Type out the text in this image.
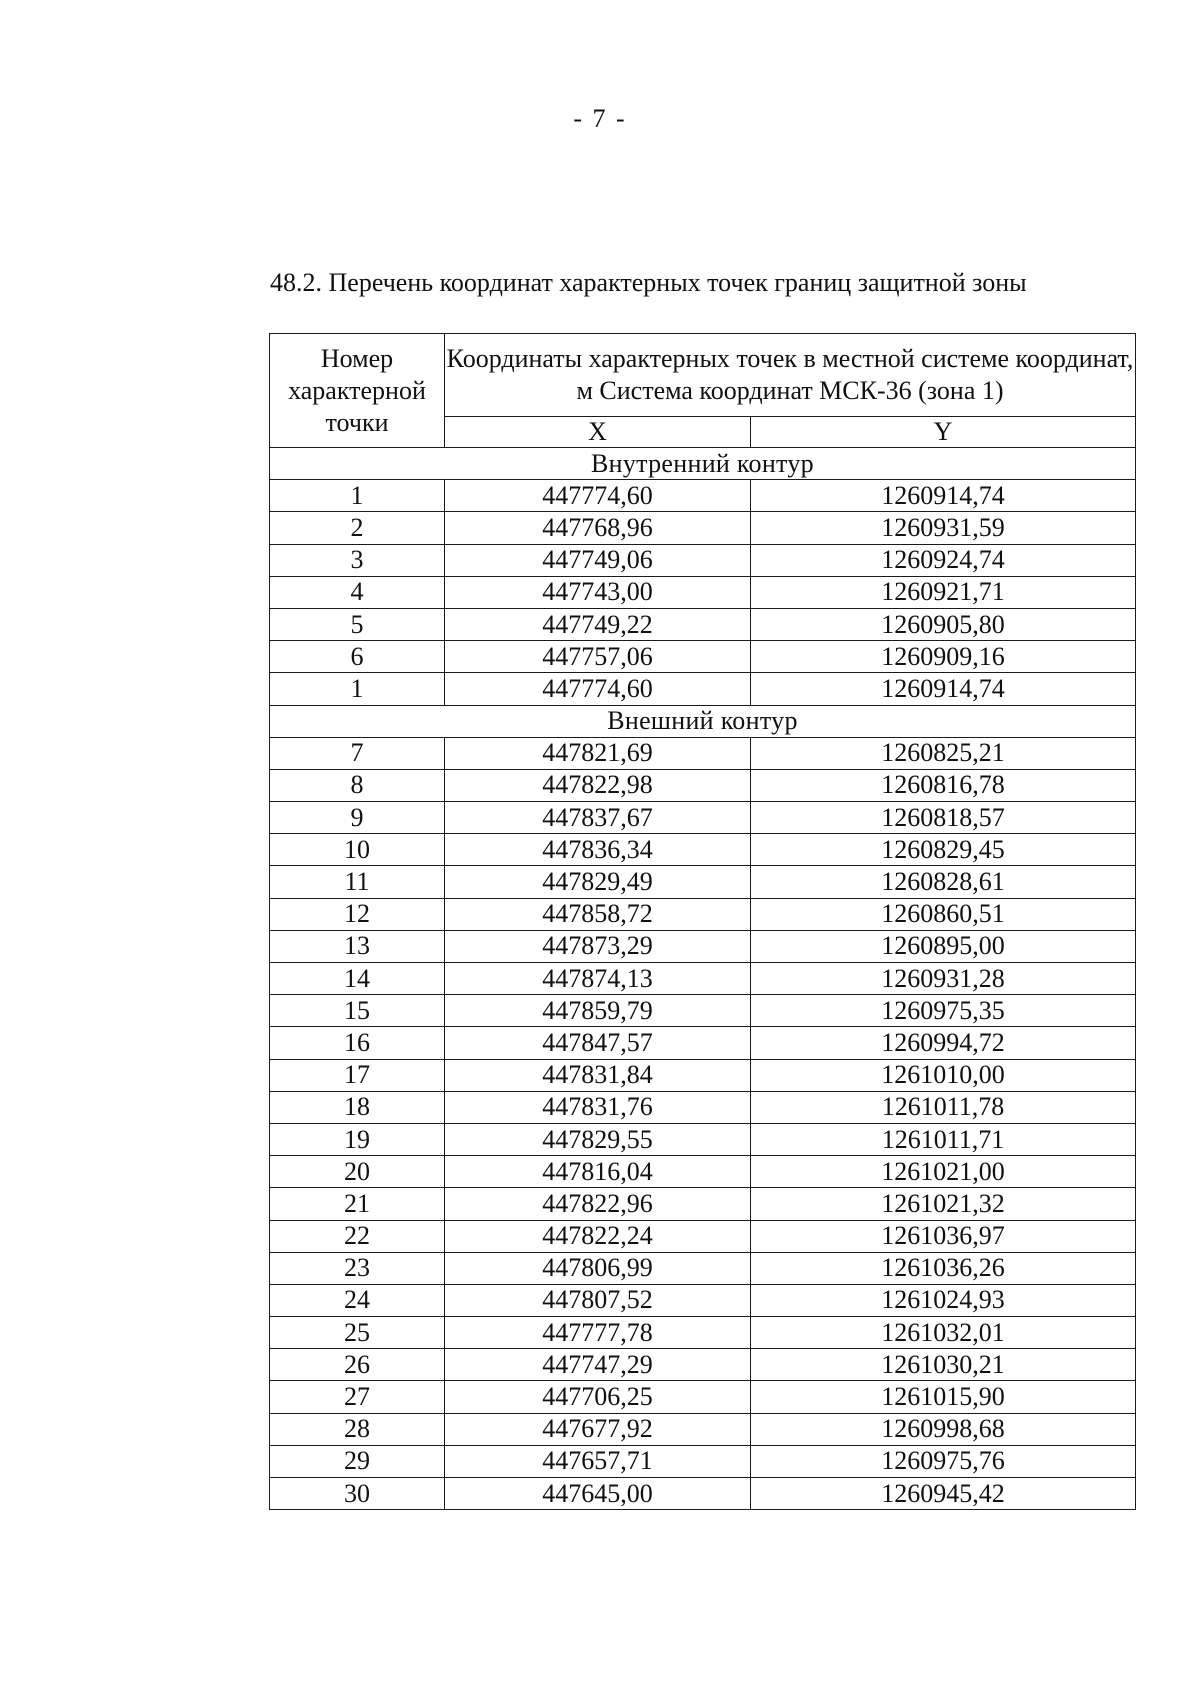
- 7 -
48.2. Перечень координат характерных точек границ защитной зоны
Номер характерной точки	Координаты характерных точек в местной системе координат, м Система координат МСК-36 (зона 1)	
	X	Y
Внутренний контур		
1	447774,60	1260914,74
2	447768,96	1260931,59
3	447749,06	1260924,74
4	447743,00	1260921,71
5	447749,22	1260905,80
6	447757,06	1260909,16
1	447774,60	1260914,74
Внешний контур		
7	447821,69	1260825,21
8	447822,98	1260816,78
9	447837,67	1260818,57
10	447836,34	1260829,45
11	447829,49	1260828,61
12	447858,72	1260860,51
13	447873,29	1260895,00
14	447874,13	1260931,28
15	447859,79	1260975,35
16	447847,57	1260994,72
17	447831,84	1261010,00
18	447831,76	1261011,78
19	447829,55	1261011,71
20	447816,04	1261021,00
21	447822,96	1261021,32
22	447822,24	1261036,97
23	447806,99	1261036,26
24	447807,52	1261024,93
25	447777,78	1261032,01
26	447747,29	1261030,21
27	447706,25	1261015,90
28	447677,92	1260998,68
29	447657,71	1260975,76
30	447645,00	1260945,42
